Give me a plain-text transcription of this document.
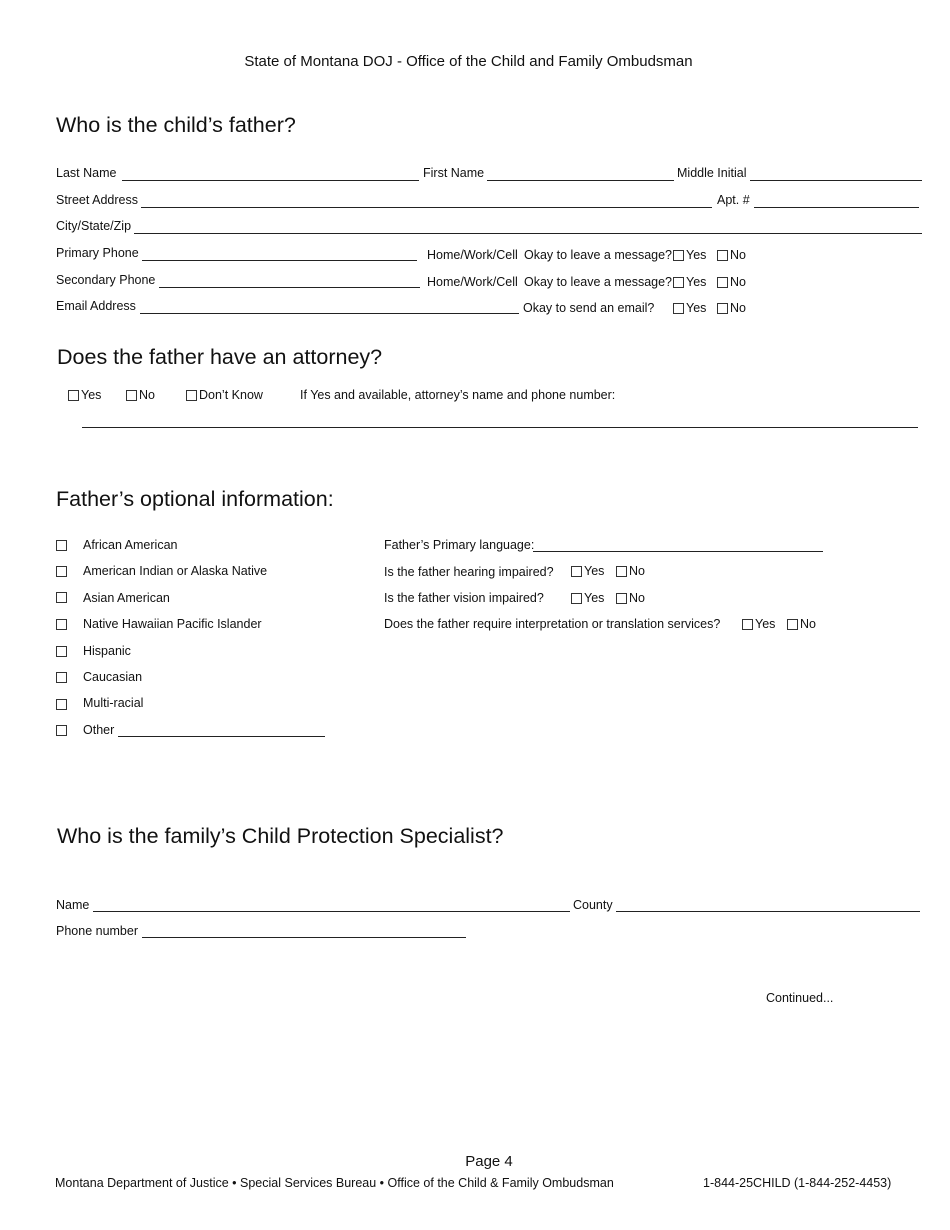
State of Montana DOJ - Office of the Child and Family Ombudsman
Who is the child’s father?
Last Name	First Name	Middle Initial
Street Address	Apt. #
City/State/Zip
Primary Phone	Home/Work/Cell Okay to leave a message?	Yes	No
Secondary Phone	Home/Work/Cell Okay to leave a message?	Yes	No
Email Address	Okay to send an email?	Yes	No
Does the father have an attorney?
Yes	No	Don’t Know	If Yes and available, attorney’s name and phone number:
Father’s optional information:
African American
American Indian or Alaska Native
Asian American
Native Hawaiian Pacific Islander
Hispanic
Caucasian
Multi-racial
Other
Father’s Primary language:
Is the father hearing impaired?	Yes	No
Is the father vision impaired?	Yes	No
Does the father require interpretation or translation services?	Yes	No
Who is the family’s Child Protection Specialist?
Name	County
Phone number
Continued...
Page 4
Montana Department of Justice • Special Services Bureau • Office of the Child & Family Ombudsman	1-844-25CHILD (1-844-252-4453)
